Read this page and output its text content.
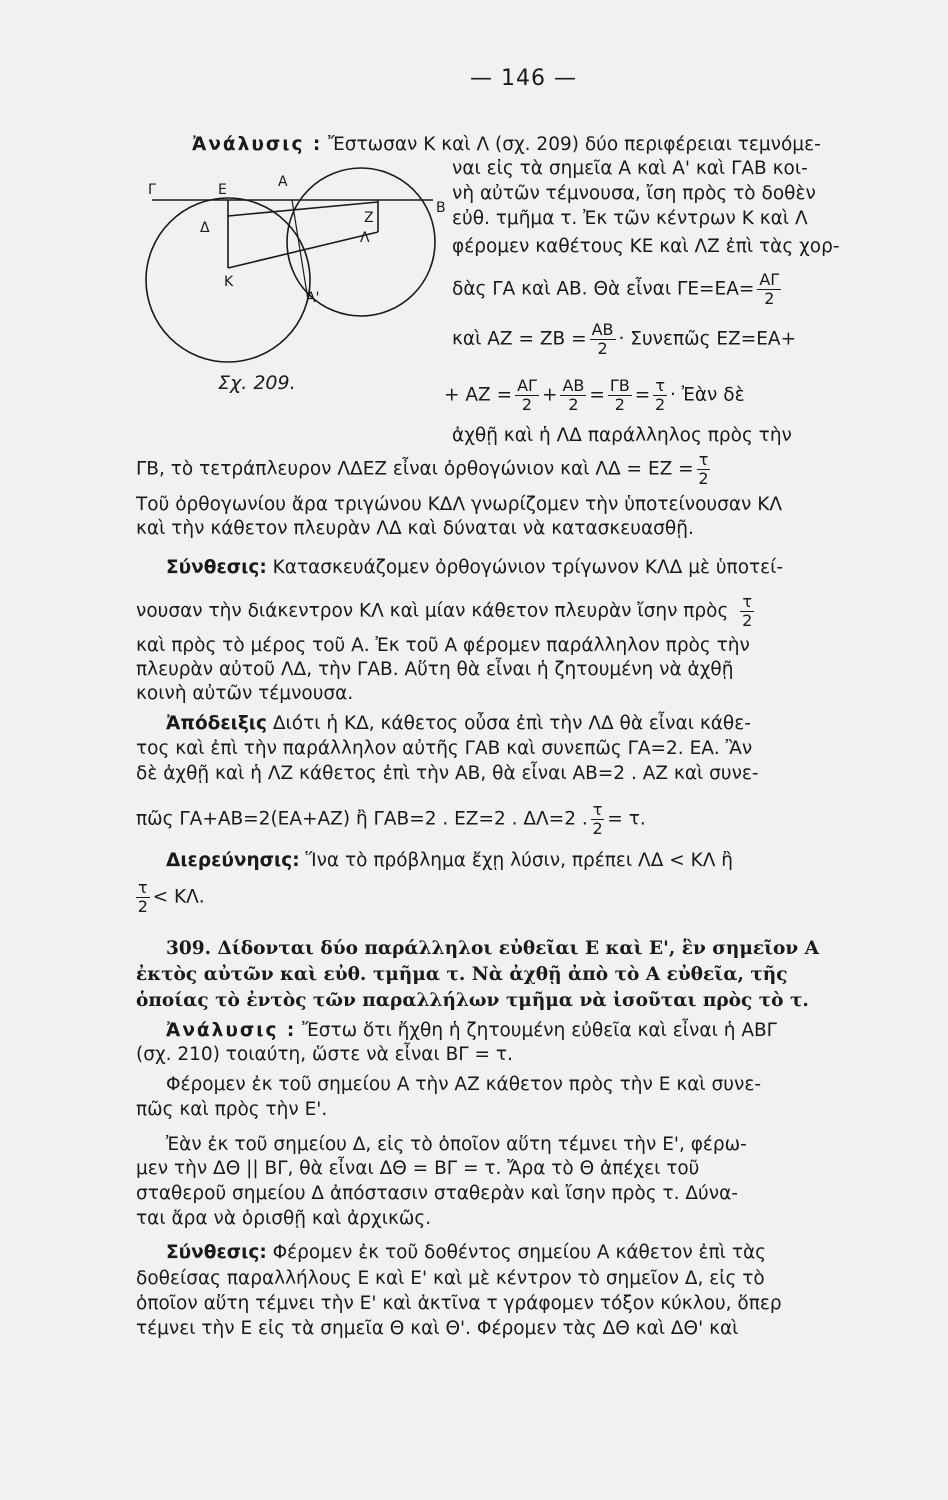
— 146 —
Γ	Ε	Α
Ζ
Β
Δ
Λ
Κ
Α'
Σχ. 209.
Ἀνάλυσις : Ἔστωσαν Κ καὶ Λ (σχ. 209) δύο περιφέρειαι τεμνόμε-
ναι εἰς τὰ σημεῖα Α καὶ Α' καὶ ΓΑΒ κοι-
νὴ αὐτῶν τέμνουσα, ἴση πρὸς τὸ δοθὲν
εὐθ. τμῆμα τ. Ἐκ τῶν κέντρων Κ καὶ Λ
φέρομεν καθέτους ΚΕ καὶ ΛΖ ἐπὶ τὰς χορ-
δὰς ΓΑ καὶ ΑΒ. Θὰ εἶναι $\Gamma E=EA= \frac{A\Gamma}{2}$
καὶ $AZ = ZB = \frac{AB}{2}$ · Συνεπῶς ΕΖ=ΕΑ+
+ $AZ = \frac{A\Gamma}{2} + \frac{AB}{2} = \frac{\Gamma B}{2} = \frac{\tau}{2}$ · Ἐὰν δὲ
ἀχθῇ καὶ ἡ ΛΔ παράλληλος πρὸς τὴν
ΓΒ, τὸ τετράπλευρον ΛΔΕΖ εἶναι ὀρθογώνιον καὶ $\Lambda\Delta = EZ = \frac{\tau}{2}$
Τοῦ ὀρθογωνίου ἄρα τριγώνου ΚΔΛ γνωρίζομεν τὴν ὑποτείνουσαν ΚΛ
καὶ τὴν κάθετον πλευρὰν ΛΔ καὶ δύναται νὰ κατασκευασθῇ.
Σύνθεσις: Κατασκευάζομεν ὀρθογώνιον τρίγωνον ΚΛΔ μὲ ὑποτεί-
νουσαν τὴν διάκεντρον ΚΛ καὶ μίαν κάθετον πλευρὰν ἴσην πρὸς $\frac{\tau}{2}$
καὶ πρὸς τὸ μέρος τοῦ Α. Ἐκ τοῦ Α φέρομεν παράλληλον πρὸς τὴν
πλευρὰν αὐτοῦ ΛΔ, τὴν ΓΑΒ. Αὕτη θὰ εἶναι ἡ ζητουμένη νὰ ἀχθῇ
κοινὴ αὐτῶν τέμνουσα.
Ἀπόδειξις Διότι ἡ ΚΔ, κάθετος οὖσα ἐπὶ τὴν ΛΔ θὰ εἶναι κάθε-
τος καὶ ἐπὶ τὴν παράλληλον αὐτῆς ΓΑΒ καὶ συνεπῶς ΓΑ=2. ΕΑ. Ἂν
δὲ ἀχθῇ καὶ ἡ ΛΖ κάθετος ἐπὶ τὴν ΑΒ, θὰ εἶναι ΑΒ=2 . ΑΖ καὶ συνε-
πῶς ΓΑ+ΑΒ=2(ΕΑ+ΑΖ) ἢ ΓΑΒ=2 . ΕΖ=2 . ΔΛ=2 . $\frac{\tau}{2} = \tau$.
Διερεύνησις: Ἵνα τὸ πρόβλημα ἔχῃ λύσιν, πρέπει ΛΔ < ΚΛ ἢ
$\frac{\tau}{2} < K\Lambda$.
309. Δίδονται δύο παράλληλοι εὐθεῖαι Ε καὶ Ε', ἓν σημεῖον Α
ἐκτὸς αὐτῶν καὶ εὐθ. τμῆμα τ. Νὰ ἀχθῇ ἀπὸ τὸ Α εὐθεῖα, τῆς
ὁποίας τὸ ἐντὸς τῶν παραλλήλων τμῆμα νὰ ἰσοῦται πρὸς τὸ τ.
Ἀνάλυσις : Ἔστω ὅτι ἤχθη ἡ ζητουμένη εὐθεῖα καὶ εἶναι ἡ ΑΒΓ
(σχ. 210) τοιαύτη, ὥστε νὰ εἶναι ΒΓ = τ.
Φέρομεν ἐκ τοῦ σημείου Α τὴν ΑΖ κάθετον πρὸς τὴν Ε καὶ συνε-
πῶς καὶ πρὸς τὴν Ε'.
Ἐὰν ἐκ τοῦ σημείου Δ, εἰς τὸ ὁποῖον αὕτη τέμνει τὴν Ε', φέρω-
μεν τὴν ΔΘ || ΒΓ, θὰ εἶναι ΔΘ = ΒΓ = τ. Ἄρα τὸ Θ ἀπέχει τοῦ
σταθεροῦ σημείου Δ ἀπόστασιν σταθερὰν καὶ ἴσην πρὸς τ. Δύνα-
ται ἄρα νὰ ὁρισθῇ καὶ ἀρχικῶς.
Σύνθεσις: Φέρομεν ἐκ τοῦ δοθέντος σημείου Α κάθετον ἐπὶ τὰς
δοθείσας παραλλήλους Ε καὶ Ε' καὶ μὲ κέντρον τὸ σημεῖον Δ, εἰς τὸ
ὁποῖον αὕτη τέμνει τὴν Ε' καὶ ἀκτῖνα τ γράφομεν τόξον κύκλου, ὅπερ
τέμνει τὴν Ε εἰς τὰ σημεῖα Θ καὶ Θ'. Φέρομεν τὰς ΔΘ καὶ ΔΘ' καὶ
